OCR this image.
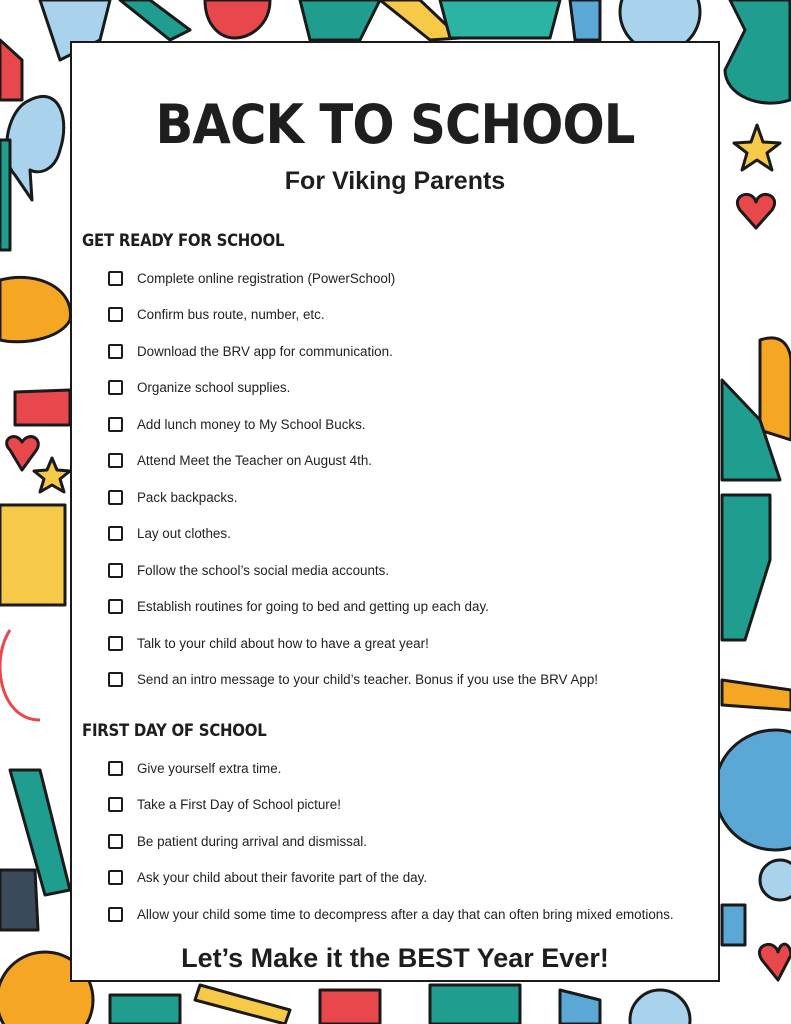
BACK TO SCHOOL
For Viking Parents
GET READY FOR SCHOOL
Complete online registration (PowerSchool)
Confirm bus route, number, etc.
Download the BRV app for communication.
Organize school supplies.
Add lunch money to My School Bucks.
Attend Meet the Teacher on August 4th.
Pack backpacks.
Lay out clothes.
Follow the school’s social media accounts.
Establish routines for going to bed and getting up each day.
Talk to your child about how to have a great year!
Send an intro message to your child’s teacher. Bonus if you use the BRV App!
FIRST DAY OF SCHOOL
Give yourself extra time.
Take a First Day of School picture!
Be patient during arrival and dismissal.
Ask your child about their favorite part of the day.
Allow your child some time to decompress after a day that can often bring mixed emotions.
Let’s Make it the BEST Year Ever!
